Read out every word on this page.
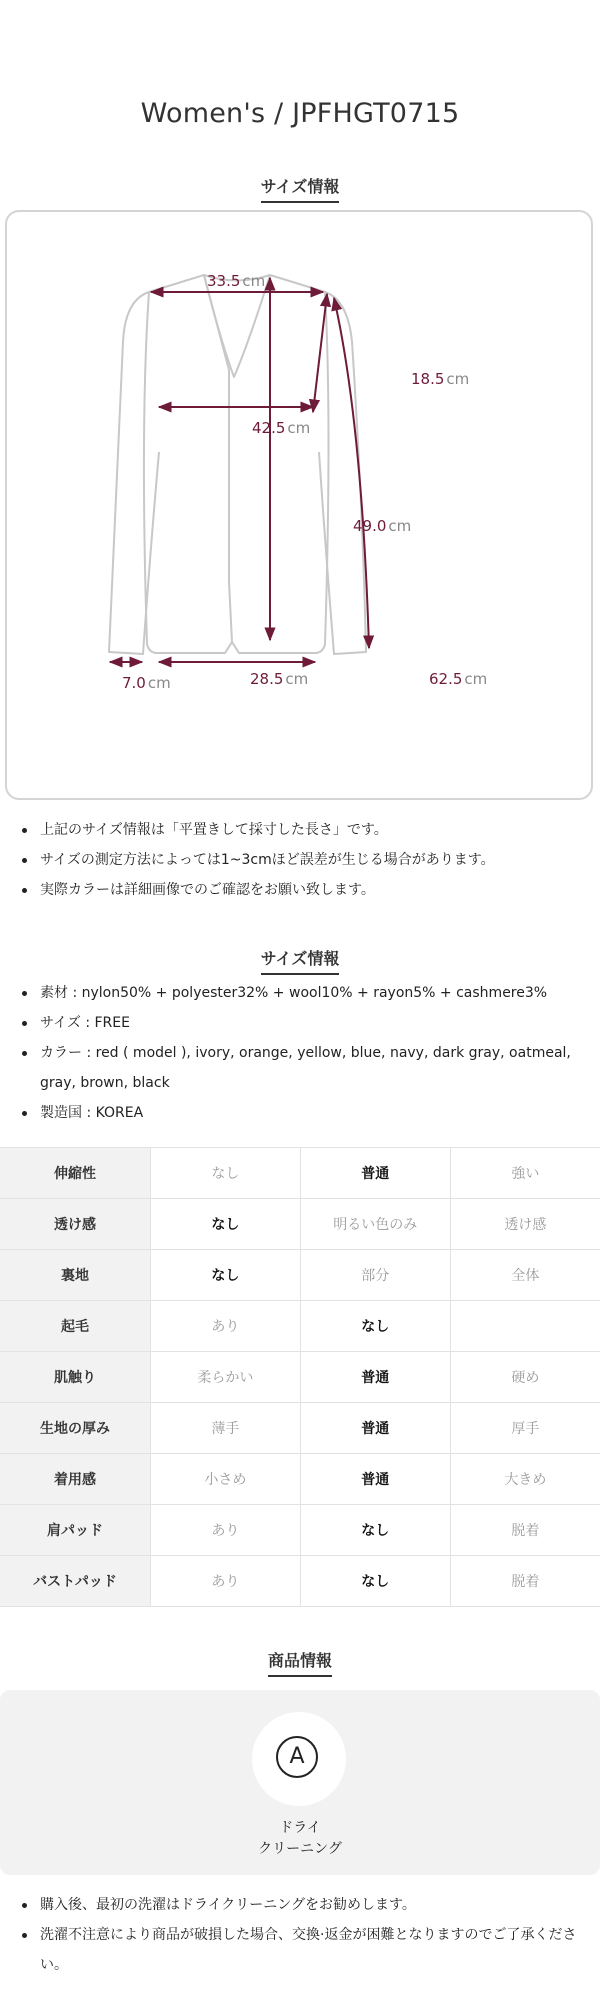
Women's / JPFHGT0715
サイズ情報
33.5 cm
18.5 cm
42.5 cm
49.0 cm
7.0 cm	28.5 cm	62.5 cm
上記のサイズ情報は「平置きして採寸した長さ」です。
サイズの測定方法によっては1~3cmほど誤差が生じる場合があります。
実際カラーは詳細画像でのご確認をお願い致します。
サイズ情報
素材 : nylon50% + polyester32% + wool10% + rayon5% + cashmere3%
サイズ : FREE
カラー : red ( model ), ivory, orange, yellow, blue, navy, dark gray, oatmeal, gray, brown, black
製造国 : KOREA
伸縮性	なし	普通	強い
透け感	なし	明るい色のみ	透け感
裏地	なし	部分	全体
起毛	あり	なし	
肌触り	柔らかい	普通	硬め
生地の厚み	薄手	普通	厚手
着用感	小さめ	普通	大きめ
肩パッド	あり	なし	脱着
バストパッド	あり	なし	脱着
商品情報
A
ドライ
クリーニング
購入後、最初の洗濯はドライクリーニングをお勧めします。
洗濯不注意により商品が破損した場合、交換·返金が困難となりますのでご了承ください。
